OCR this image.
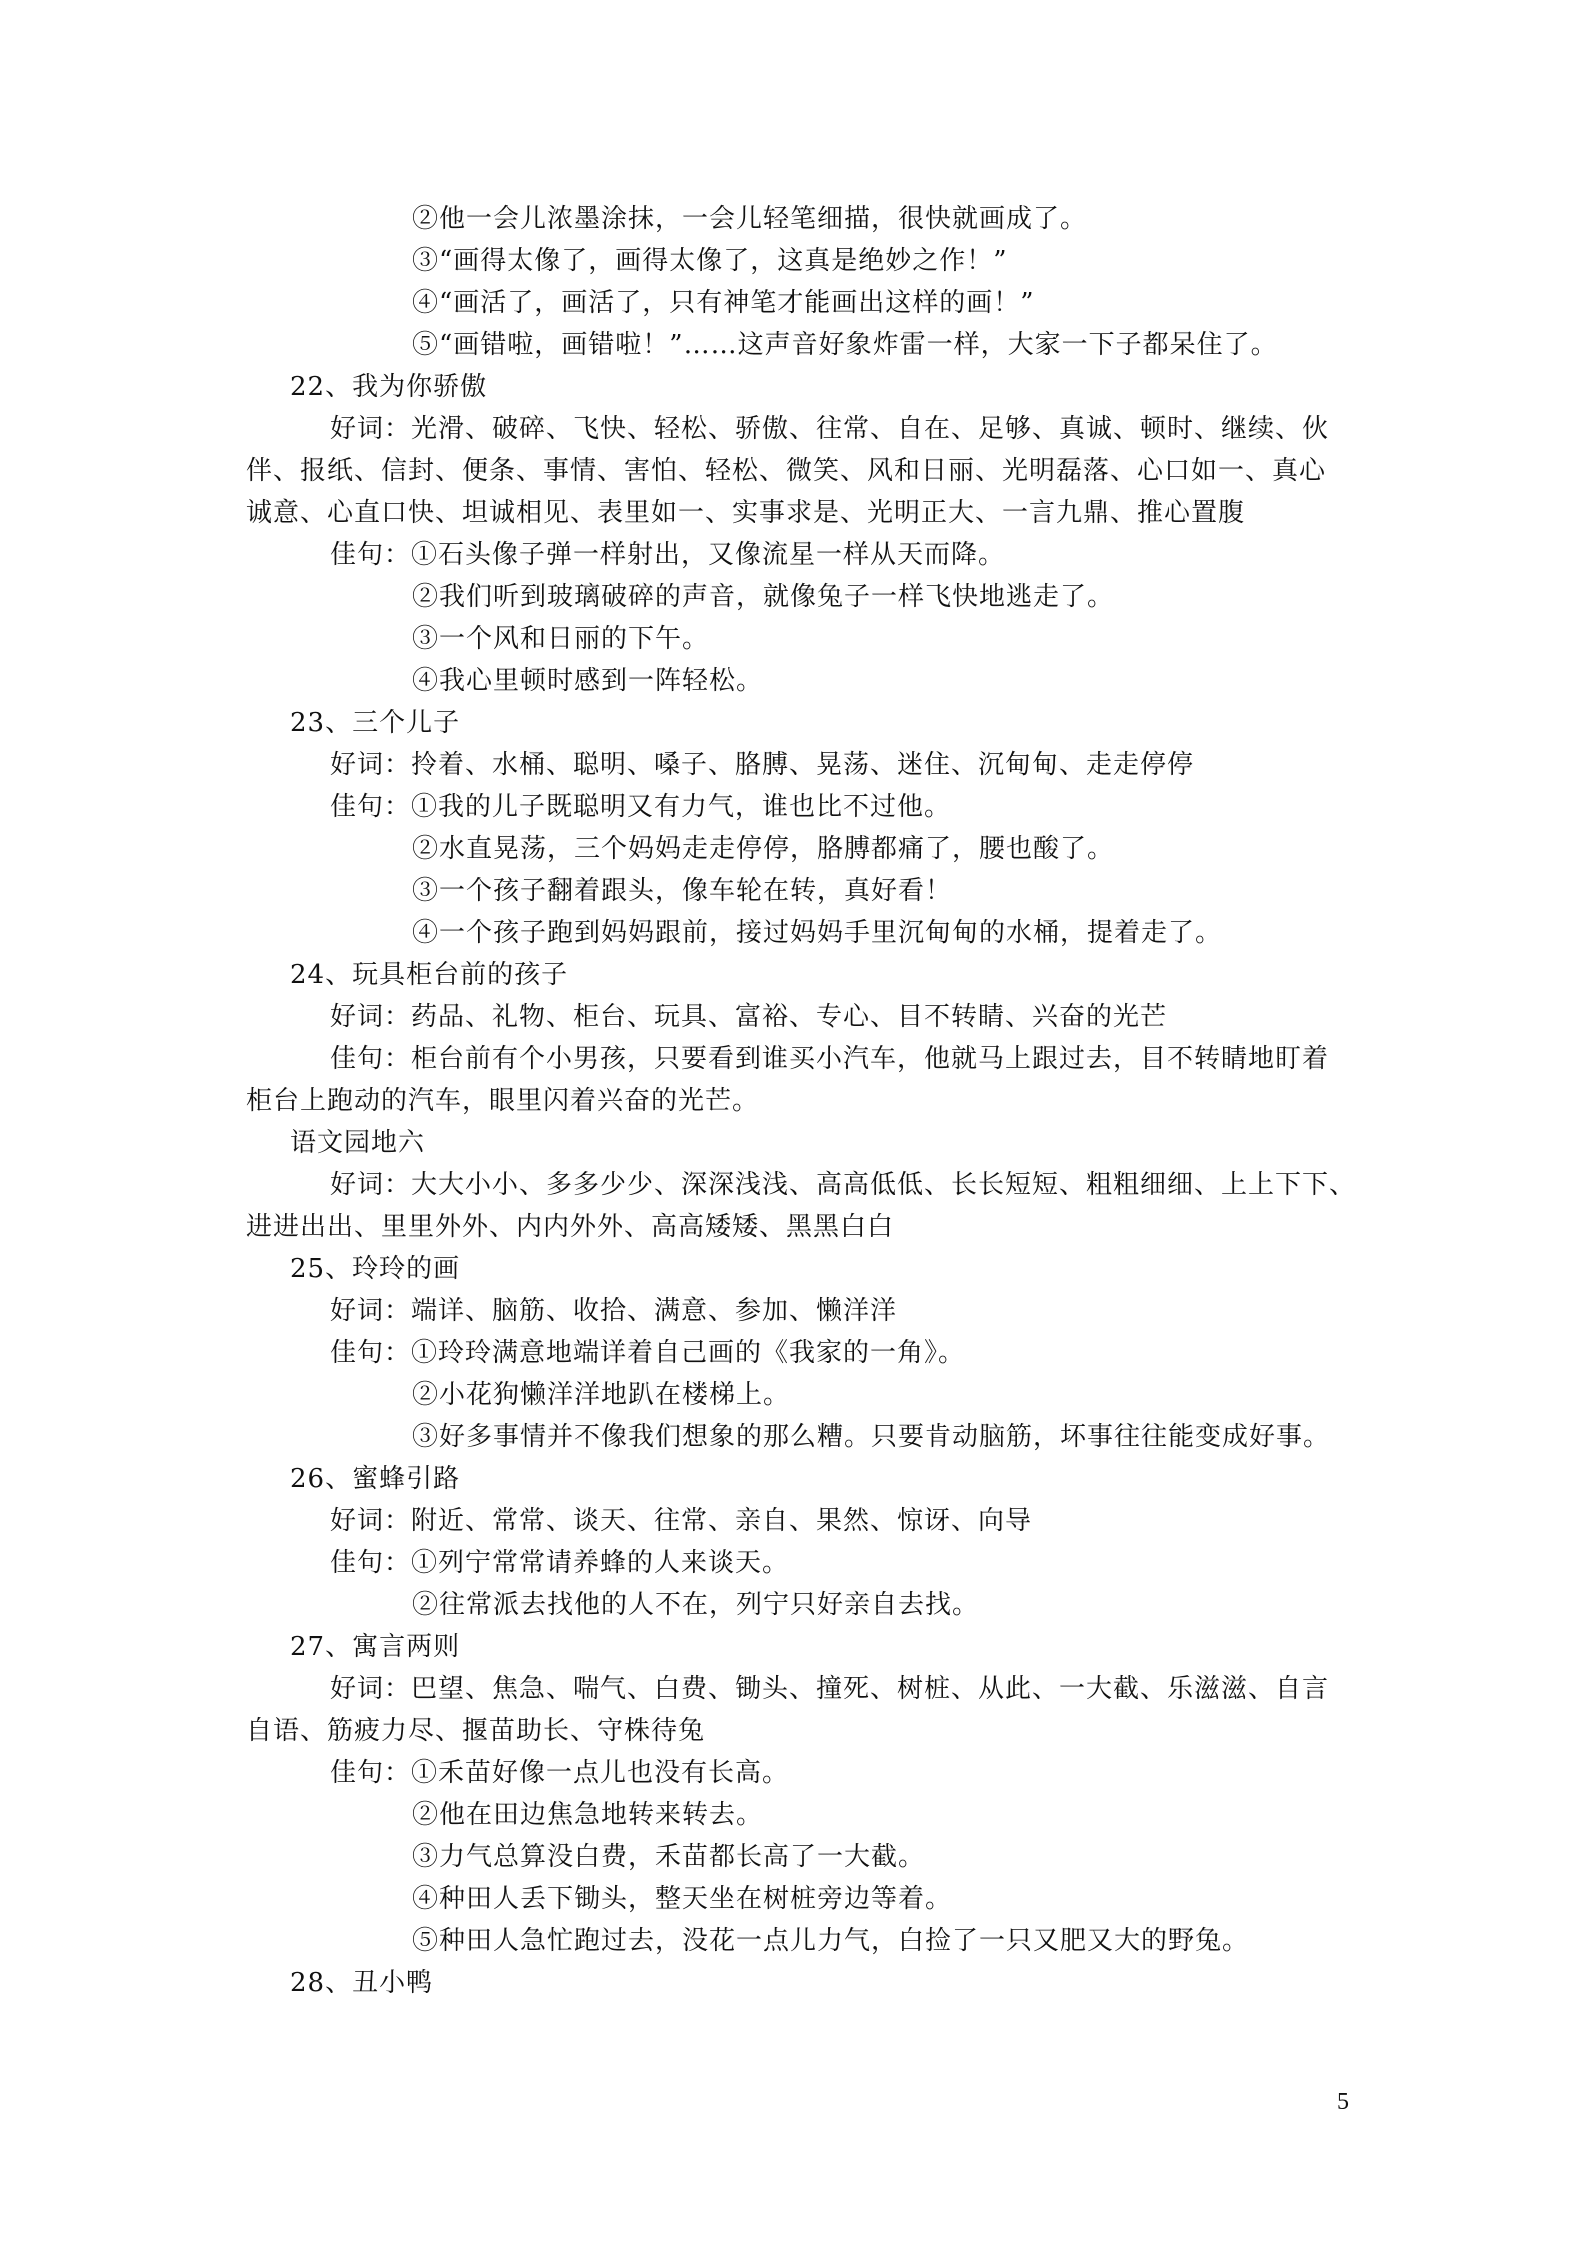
②他一会儿浓墨涂抹，一会儿轻笔细描，很快就画成了。
③“画得太像了，画得太像了，这真是绝妙之作！”
④“画活了，画活了，只有神笔才能画出这样的画！”
⑤“画错啦，画错啦！”……这声音好象炸雷一样，大家一下子都呆住了。
22、我为你骄傲
好词：光滑、破碎、飞快、轻松、骄傲、往常、自在、足够、真诚、顿时、继续、伙
伴、报纸、信封、便条、事情、害怕、轻松、微笑、风和日丽、光明磊落、心口如一、真心
诚意、心直口快、坦诚相见、表里如一、实事求是、光明正大、一言九鼎、推心置腹
佳句：①石头像子弹一样射出，又像流星一样从天而降。
②我们听到玻璃破碎的声音，就像兔子一样飞快地逃走了。
③一个风和日丽的下午。
④我心里顿时感到一阵轻松。
23、三个儿子
好词：拎着、水桶、聪明、嗓子、胳膊、晃荡、迷住、沉甸甸、走走停停
佳句：①我的儿子既聪明又有力气，谁也比不过他。
②水直晃荡，三个妈妈走走停停，胳膊都痛了，腰也酸了。
③一个孩子翻着跟头，像车轮在转，真好看！
④一个孩子跑到妈妈跟前，接过妈妈手里沉甸甸的水桶，提着走了。
24、玩具柜台前的孩子
好词：药品、礼物、柜台、玩具、富裕、专心、目不转睛、兴奋的光芒
佳句：柜台前有个小男孩，只要看到谁买小汽车，他就马上跟过去，目不转睛地盯着
柜台上跑动的汽车，眼里闪着兴奋的光芒。
语文园地六
好词：大大小小、多多少少、深深浅浅、高高低低、长长短短、粗粗细细、上上下下、
进进出出、里里外外、内内外外、高高矮矮、黑黑白白
25、玲玲的画
好词：端详、脑筋、收拾、满意、参加、懒洋洋
佳句：①玲玲满意地端详着自己画的《我家的一角》。
②小花狗懒洋洋地趴在楼梯上。
③好多事情并不像我们想象的那么糟。只要肯动脑筋，坏事往往能变成好事。
26、蜜蜂引路
好词：附近、常常、谈天、往常、亲自、果然、惊讶、向导
佳句：①列宁常常请养蜂的人来谈天。
②往常派去找他的人不在，列宁只好亲自去找。
27、寓言两则
好词：巴望、焦急、喘气、白费、锄头、撞死、树桩、从此、一大截、乐滋滋、自言
自语、筋疲力尽、揠苗助长、守株待兔
佳句：①禾苗好像一点儿也没有长高。
②他在田边焦急地转来转去。
③力气总算没白费，禾苗都长高了一大截。
④种田人丢下锄头，整天坐在树桩旁边等着。
⑤种田人急忙跑过去，没花一点儿力气，白捡了一只又肥又大的野兔。
28、丑小鸭
5
